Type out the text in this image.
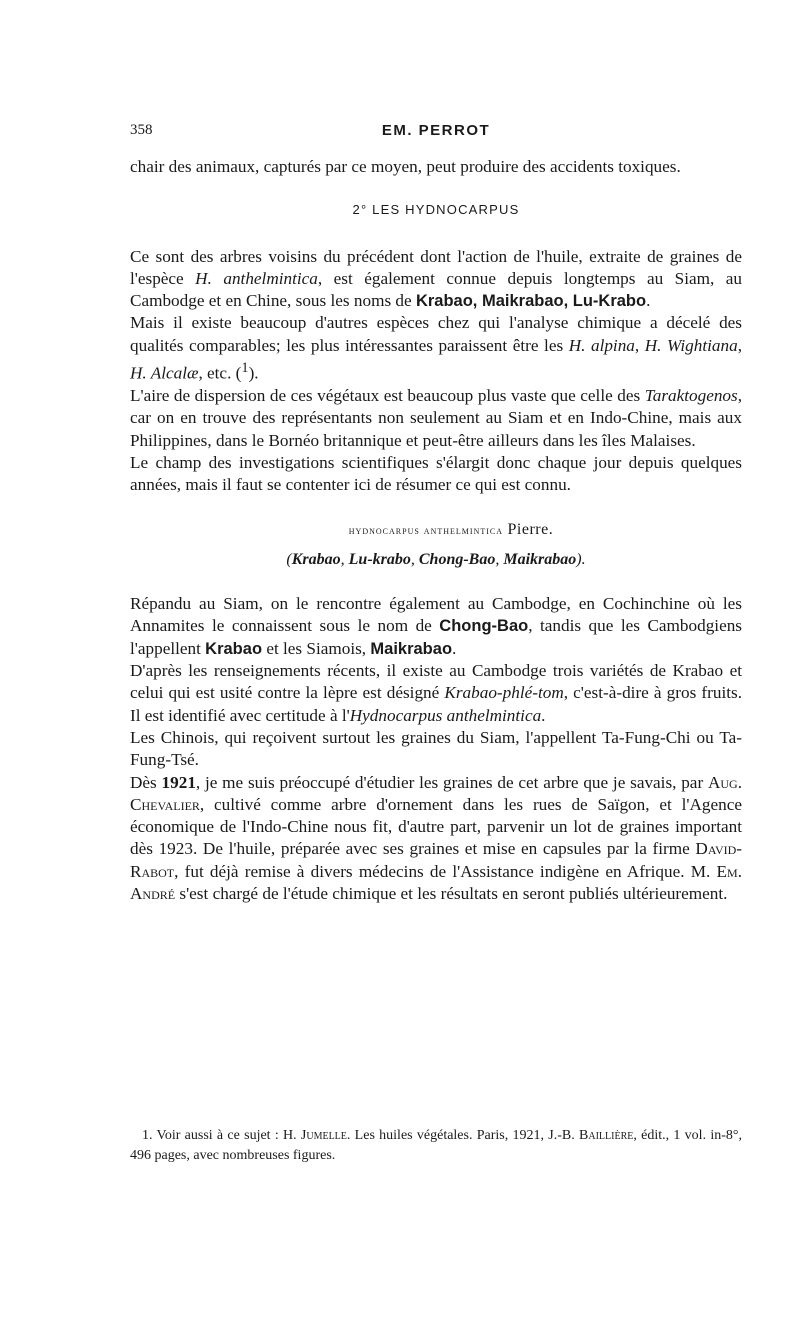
358	EM. PERROT

chair des animaux, capturés par ce moyen, peut produire des accidents toxiques.

2° LES HYDNOCARPUS

Ce sont des arbres voisins du précédent dont l'action de l'huile, extraite de graines de l'espèce H. anthelmintica, est également connue depuis longtemps au Siam, au Cambodge et en Chine, sous les noms de Krabao, Maikrabao, Lu-Krabo.

Mais il existe beaucoup d'autres espèces chez qui l'analyse chimique a décelé des qualités comparables; les plus intéressantes paraissent être les H. alpina, H. Wightiana, H. Alcalæ, etc. ($^1$).

L'aire de dispersion de ces végétaux est beaucoup plus vaste que celle des Taraktogenos, car on en trouve des représentants non seulement au Siam et en Indo-Chine, mais aux Philippines, dans le Bornéo britannique et peut-être ailleurs dans les îles Malaises.

Le champ des investigations scientifiques s'élargit donc chaque jour depuis quelques années, mais il faut se contenter ici de résumer ce qui est connu.

hydnocarpus anthelmintica Pierre.
(Krabao, Lu-krabo, Chong-Bao, Maikrabao).

Répandu au Siam, on le rencontre également au Cambodge, en Cochinchine où les Annamites le connaissent sous le nom de Chong-Bao, tandis que les Cambodgiens l'appellent Krabao et les Siamois, Maikrabao.

D'après les renseignements récents, il existe au Cambodge trois variétés de Krabao et celui qui est usité contre la lèpre est désigné Krabao-phlé-tom, c'est-à-dire à gros fruits. Il est identifié avec certitude à l'Hydnocarpus anthelmintica.

Les Chinois, qui reçoivent surtout les graines du Siam, l'appellent Ta-Fung-Chi ou Ta-Fung-Tsé.

Dès 1921, je me suis préoccupé d'étudier les graines de cet arbre que je savais, par Aug. Chevalier, cultivé comme arbre d'ornement dans les rues de Saïgon, et l'Agence économique de l'Indo-Chine nous fit, d'autre part, parvenir un lot de graines important dès 1923. De l'huile, préparée avec ses graines et mise en capsules par la firme David-Rabot, fut déjà remise à divers médecins de l'Assistance indigène en Afrique. M. Em. André s'est chargé de l'étude chimique et les résultats en seront publiés ultérieurement.

1. Voir aussi à ce sujet : H. Jumelle. Les huiles végétales. Paris, 1921, J.-B. Baillière, édit., 1 vol. in-8°, 496 pages, avec nombreuses figures.
